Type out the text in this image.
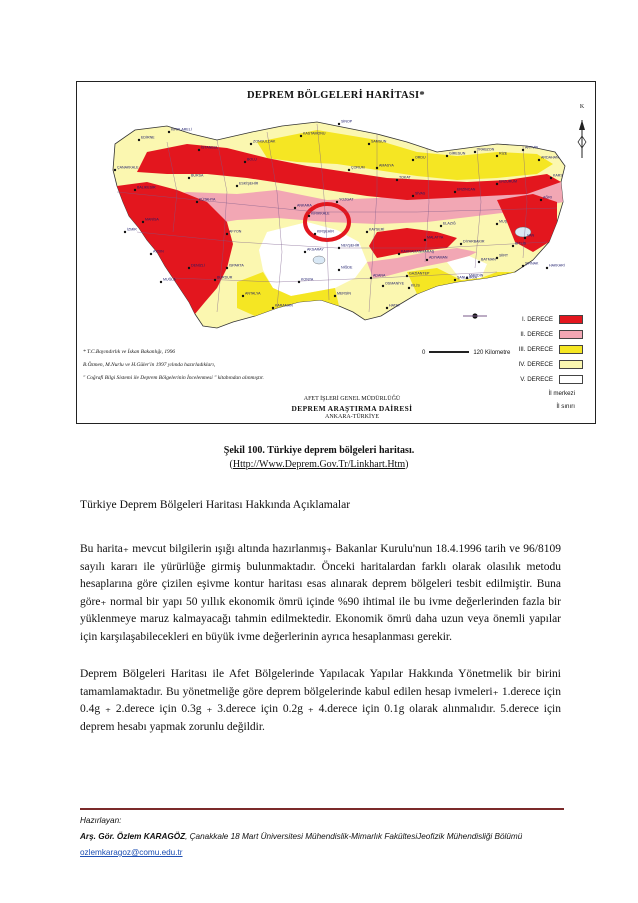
EDİRNE
KIRKLARELİ
İSTANBUL
ÇANAKKALE
BALIKESİR
İZMİR
MANİSA
AYDIN
MUĞLA
DENİZLİ
BURSA
KÜTAHYA
ESKİŞEHİR
AFYON
ANTALYA
ISPARTA
BURDUR	KONYA
KARAMAN
ANKARA
BOLU
ZONGULDAK
KASTAMONU
SİNOP
SAMSUN
ÇORUM	AMASYA
TOKAT
YOZGAT
KIRIKKALE
KIRŞEHİR
NEVŞEHİR
AKSARAY
NİĞDE
KAYSERİ
SİVAS
ORDU
GİRESUN
TRABZON
RİZE
ARTVİN
ARDAHAN
KARS
ERZURUM
ERZİNCAN
AĞRI
VAN
MUŞ
BİTLİS
SİİRT
BATMAN
HAKKARİ
ŞIRNAK
MARDİN
DİYARBAKIR
ELAZIĞ
MALATYA
ADIYAMAN
ŞANLIURFA
GAZİANTEP
KAHRAMANMARAŞ
ADANA
MERSİN
HATAY
OSMANİYE KİLİS
DEPREM BÖLGELERİ HARİTASI*
K
0	120 Kilometre
I. DERECE
II. DERECE
III. DERECE
IV. DERECE
V. DERECE
İl merkezi
İl sınırı
* T.C.Bayındırlık ve İskan Bakanlığı, 1996
B.Özmen, M.Nurlu ve H.Güler'in 1997 yılında hazırladıkları,
" Coğrafi Bilgi Sistemi ile Deprem Bölgelerinin İncelenmesi " kitabından alınmıştır.
AFET İŞLERİ GENEL MÜDÜRLÜĞÜ
DEPREM ARAŞTIRMA DAİRESİ
ANKARA-TÜRKİYE
Şekil 100. Türkiye deprem bölgeleri haritası.
(Http://Www.Deprem.Gov.Tr/Linkhart.Htm)
Türkiye Deprem Bölgeleri Haritası Hakkında Açıklamalar
Bu harita₊ mevcut bilgilerin ışığı altında hazırlanmış₊ Bakanlar Kurulu'nun 18.4.1996 tarih ve 96/8109 sayılı kararı ile yürürlüğe girmiş bulunmaktadır. Önceki haritalardan farklı olarak olasılık metodu hesaplarına göre çizilen eşivme kontur haritası esas alınarak deprem bölgeleri tesbit edilmiştir. Buna göre₊ normal bir yapı 50 yıllık ekonomik ömrü içinde %90 ihtimal ile bu ivme değerlerinden fazla bir yüklenmeye maruz kalmayacağı tahmin edilmektedir. Ekonomik ömrü daha uzun veya önemli yapılar için karşılaşabilecekleri en büyük ivme değerlerinin ayrıca hesaplanması gerekir.
Deprem Bölgeleri Haritası ile Afet Bölgelerinde Yapılacak Yapılar Hakkında Yönetmelik bir birini tamamlamaktadır. Bu yönetmeliğe göre deprem bölgelerinde kabul edilen hesap ivmeleri₊ 1.derece için 0.4g ₊ 2.derece için 0.3g ₊ 3.derece için 0.2g ₊ 4.derece için 0.1g olarak alınmalıdır. 5.derece için deprem hesabı yapmak zorunlu değildir.
Hazırlayan:
Arş. Gör. Özlem KARAGÖZ, Çanakkale 18 Mart Üniversitesi Mühendislik-Mimarlık FakültesiJeofizik Mühendisliği Bölümü
ozlemkaragoz@comu.edu.tr
